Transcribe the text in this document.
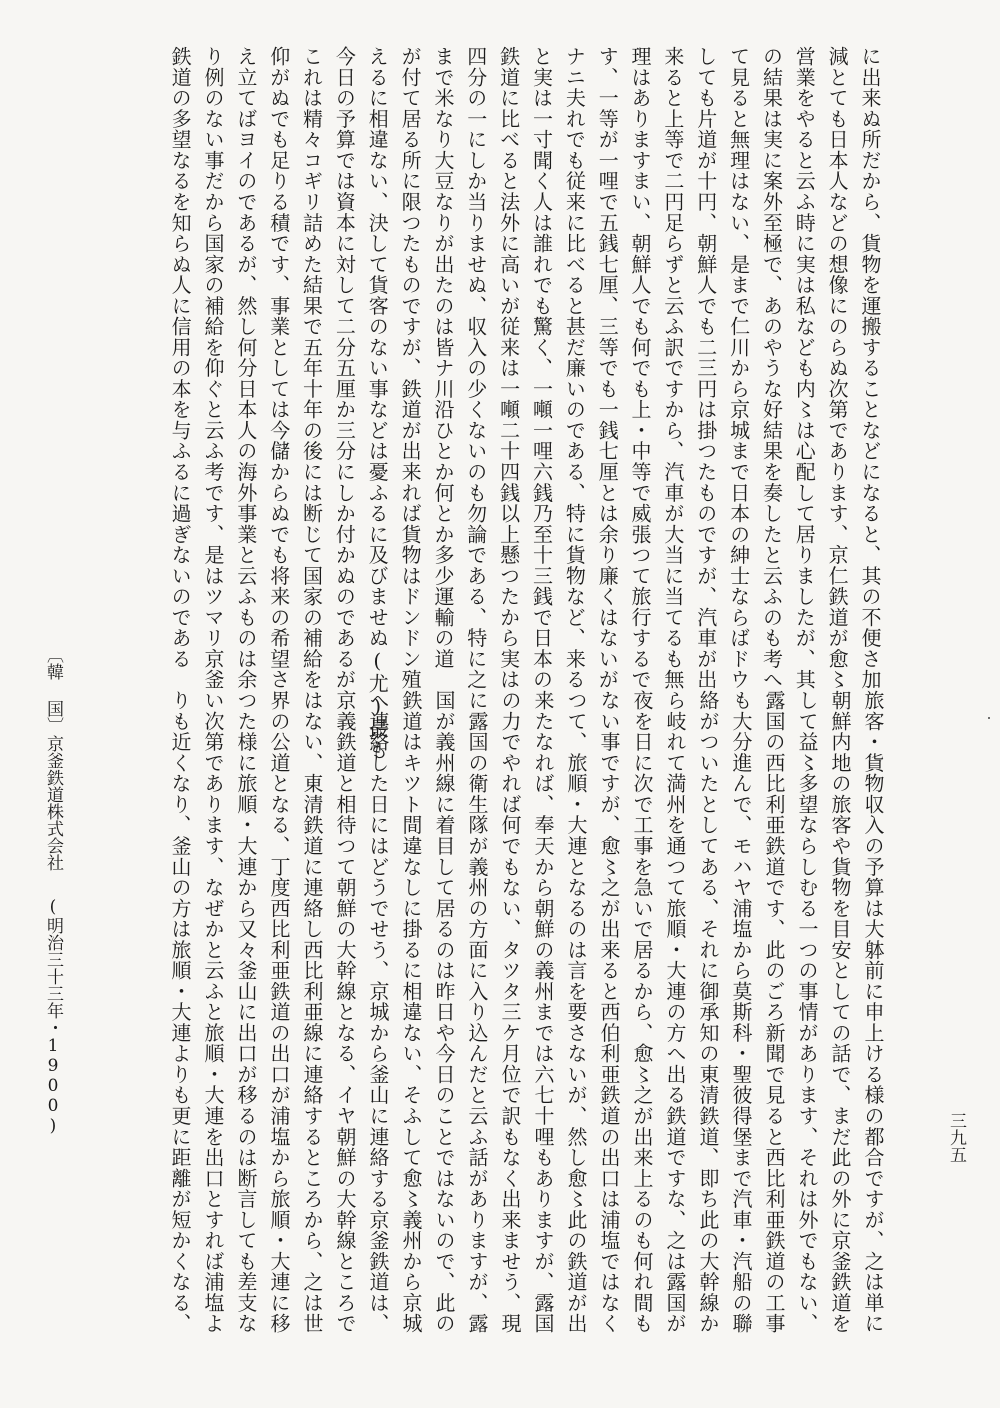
に出来ぬ所だから、貨物を運搬することなどになると、其の不便さ加
減とても日本人などの想像にのらぬ次第であります、京仁鉄道が愈〻
営業をやると云ふ時に実は私なども内〻は心配して居りましたが、其
の結果は実に案外至極で、あのやうな好結果を奏したと云ふのも考へ
て見ると無理はない、是まで仁川から京城まで日本の紳士ならばドウ
しても片道が十円、朝鮮人でも二三円は掛つたものですが、汽車が出
来ると上等で二円足らずと云ふ訳ですから、汽車が大当に当てるも無
理はありますまい、朝鮮人でも何でも上・中等で威張つて旅行するで
す、一等が一哩で五銭七厘、三等でも一銭七厘とは余り廉くはないが
ナニ夫れでも従来に比べると甚だ廉いのである、特に貨物など、来る
と実は一寸聞く人は誰れでも驚く、一噸一哩六銭乃至十三銭で日本の
鉄道に比べると法外に高いが従来は一噸二十四銭以上懸つたから実は
四分の一にしか当りませぬ、収入の少くないのも勿論である、特に之
まで米なり大豆なりが出たのは皆ナ川沿ひとか何とか多少運輸の道
が付て居る所に限つたものですが、鉄道が出来れば貨物はドンドン殖
えるに相違ない、決して貨客のない事などは憂ふるに及びませぬ(尤)最も
今日の予算では資本に対して二分五厘か三分にしか付かぬのであるが
これは精々コギリ詰めた結果で五年十年の後には断じて国家の補給を
仰がぬでも足りる積です、事業としては今儲からぬでも将来の希望さ
え立てばヨイのであるが、然し何分日本人の海外事業と云ふものは余
り例のない事だから国家の補給を仰ぐと云ふ考です、是はツマリ京釜
鉄道の多望なるを知らぬ人に信用の本を与ふるに過ぎないのである
旅客・貨物収入の予算は大躰前に申上ける様の都合ですが、之は単に
朝鮮内地の旅客や貨物を目安としての話で、まだ此の外に京釜鉄道を
して益〻多望ならしむる一つの事情があります、それは外でもない、
露国の西比利亜鉄道です、此のごろ新聞で見ると西比利亜鉄道の工事
も大分進んで、モハヤ浦塩から莫斯科・聖彼得堡まで汽車・汽船の聯
絡がついたとしてある、それに御承知の東清鉄道、即ち此の大幹線か
ら岐れて満州を通つて旅順・大連の方へ出る鉄道ですな、之は露国が
夜を日に次で工事を急いで居るから、愈〻之が出来上るのも何れ間も
ない事ですが、愈〻之が出来ると西伯利亜鉄道の出口は浦塩ではなく
つて、旅順・大連となるのは言を要さないが、然し愈〻此の鉄道が出
来たなれば、奉天から朝鮮の義州までは六七十哩もありますが、露国
の力でやれば何でもない、タツタ三ケ月位で訳もなく出来ませう、現
に露国の衛生隊が義州の方面に入り込んだと云ふ話がありますが、露
国が義州線に着目して居るのは昨日や今日のことではないので、此の
鉄道はキツト間違なしに掛るに相違ない、そふして愈〻義州から京城
へ連絡した日にはどうでせう、京城から釜山に連絡する京釜鉄道は、
京義鉄道と相待つて朝鮮の大幹線となる、イヤ朝鮮の大幹線ところで
はない、東清鉄道に連絡し西比利亜線に連絡するところから、之は世
界の公道となる、丁度西比利亜鉄道の出口が浦塩から旅順・大連に移
つた様に旅順・大連から又々釜山に出口が移るのは断言しても差支な
い次第であります、なぜかと云ふと旅順・大連を出口とすれば浦塩よ
りも近くなり、釜山の方は旅順・大連よりも更に距離が短かくなる、
〔韓 国〕
京釜鉄道株式会社
(明治三十三年・1900)
三九五
